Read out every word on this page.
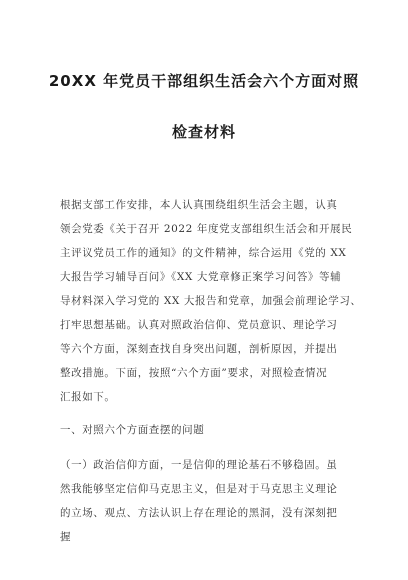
20XX 年党员干部组织生活会六个方面对照
检查材料
根据支部工作安排，本人认真围绕组织生活会主题，认真
领会党委《关于召开 2022 年度党支部组织生活会和开展民
主评议党员工作的通知》的文件精神，综合运用《党的 XX
大报告学习辅导百问》《XX 大党章修正案学习问答》等辅
导材料深入学习党的 XX 大报告和党章，加强会前理论学习、
打牢思想基础。认真对照政治信仰、党员意识、理论学习
等六个方面，深刻查找自身突出问题，剖析原因，并提出
整改措施。下面，按照“六个方面”要求，对照检查情况
汇报如下。
一、对照六个方面查摆的问题
（一）政治信仰方面，一是信仰的理论基石不够稳固。虽
然我能够坚定信仰马克思主义，但是对于马克思主义理论
的立场、观点、方法认识上存在理论的黑洞，没有深刻把
握
